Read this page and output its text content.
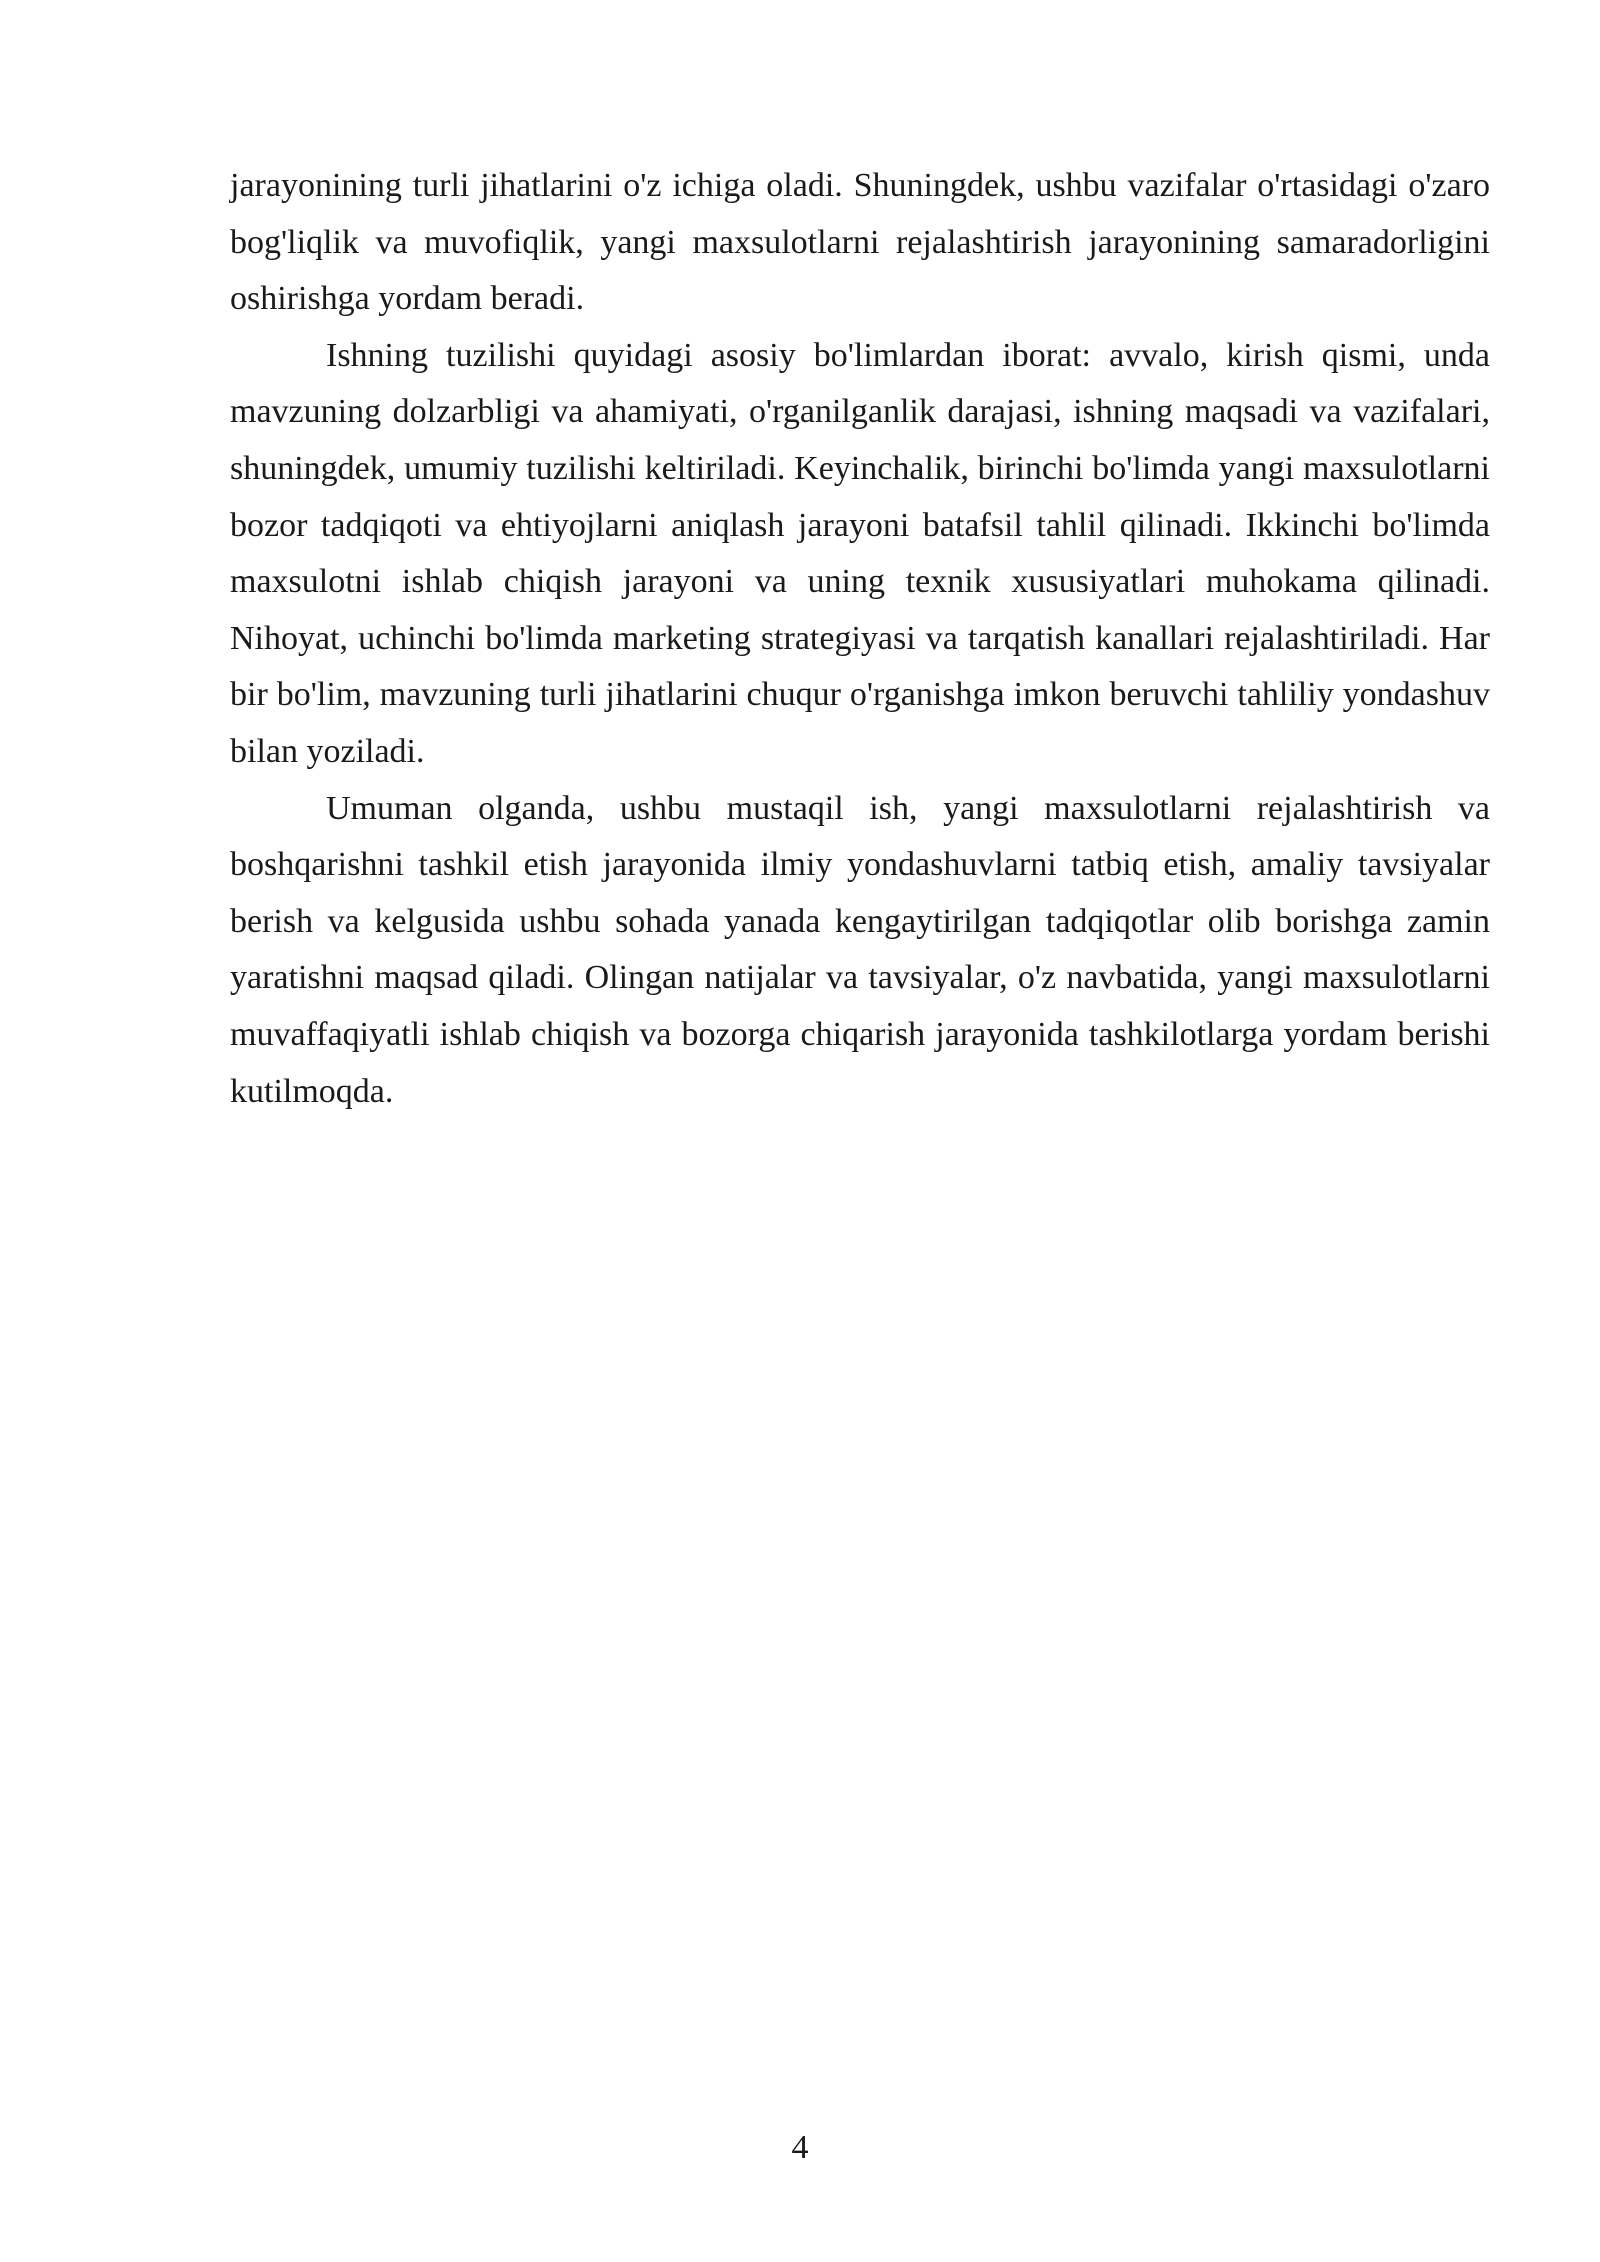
jarayonining turli jihatlarini o'z ichiga oladi. Shuningdek, ushbu vazifalar o'rtasidagi o'zaro bog'liqlik va muvofiqlik, yangi maxsulotlarni rejalashtirish jarayonining samaradorligini oshirishga yordam beradi.

Ishning tuzilishi quyidagi asosiy bo'limlardan iborat: avvalo, kirish qismi, unda mavzuning dolzarbligi va ahamiyati, o'rganilganlik darajasi, ishning maqsadi va vazifalari, shuningdek, umumiy tuzilishi keltiriladi. Keyinchalik, birinchi bo'limda yangi maxsulotlarni bozor tadqiqoti va ehtiyojlarni aniqlash jarayoni batafsil tahlil qilinadi. Ikkinchi bo'limda maxsulotni ishlab chiqish jarayoni va uning texnik xususiyatlari muhokama qilinadi. Nihoyat, uchinchi bo'limda marketing strategiyasi va tarqatish kanallari rejalashtiriladi. Har bir bo'lim, mavzuning turli jihatlarini chuqur o'rganishga imkon beruvchi tahliliy yondashuv bilan yoziladi.

Umuman olganda, ushbu mustaqil ish, yangi maxsulotlarni rejalashtirish va boshqarishni tashkil etish jarayonida ilmiy yondashuvlarni tatbiq etish, amaliy tavsiyalar berish va kelgusida ushbu sohada yanada kengaytirilgan tadqiqotlar olib borishga zamin yaratishni maqsad qiladi. Olingan natijalar va tavsiyalar, o'z navbatida, yangi maxsulotlarni muvaffaqiyatli ishlab chiqish va bozorga chiqarish jarayonida tashkilotlarga yordam berishi kutilmoqda.

4
